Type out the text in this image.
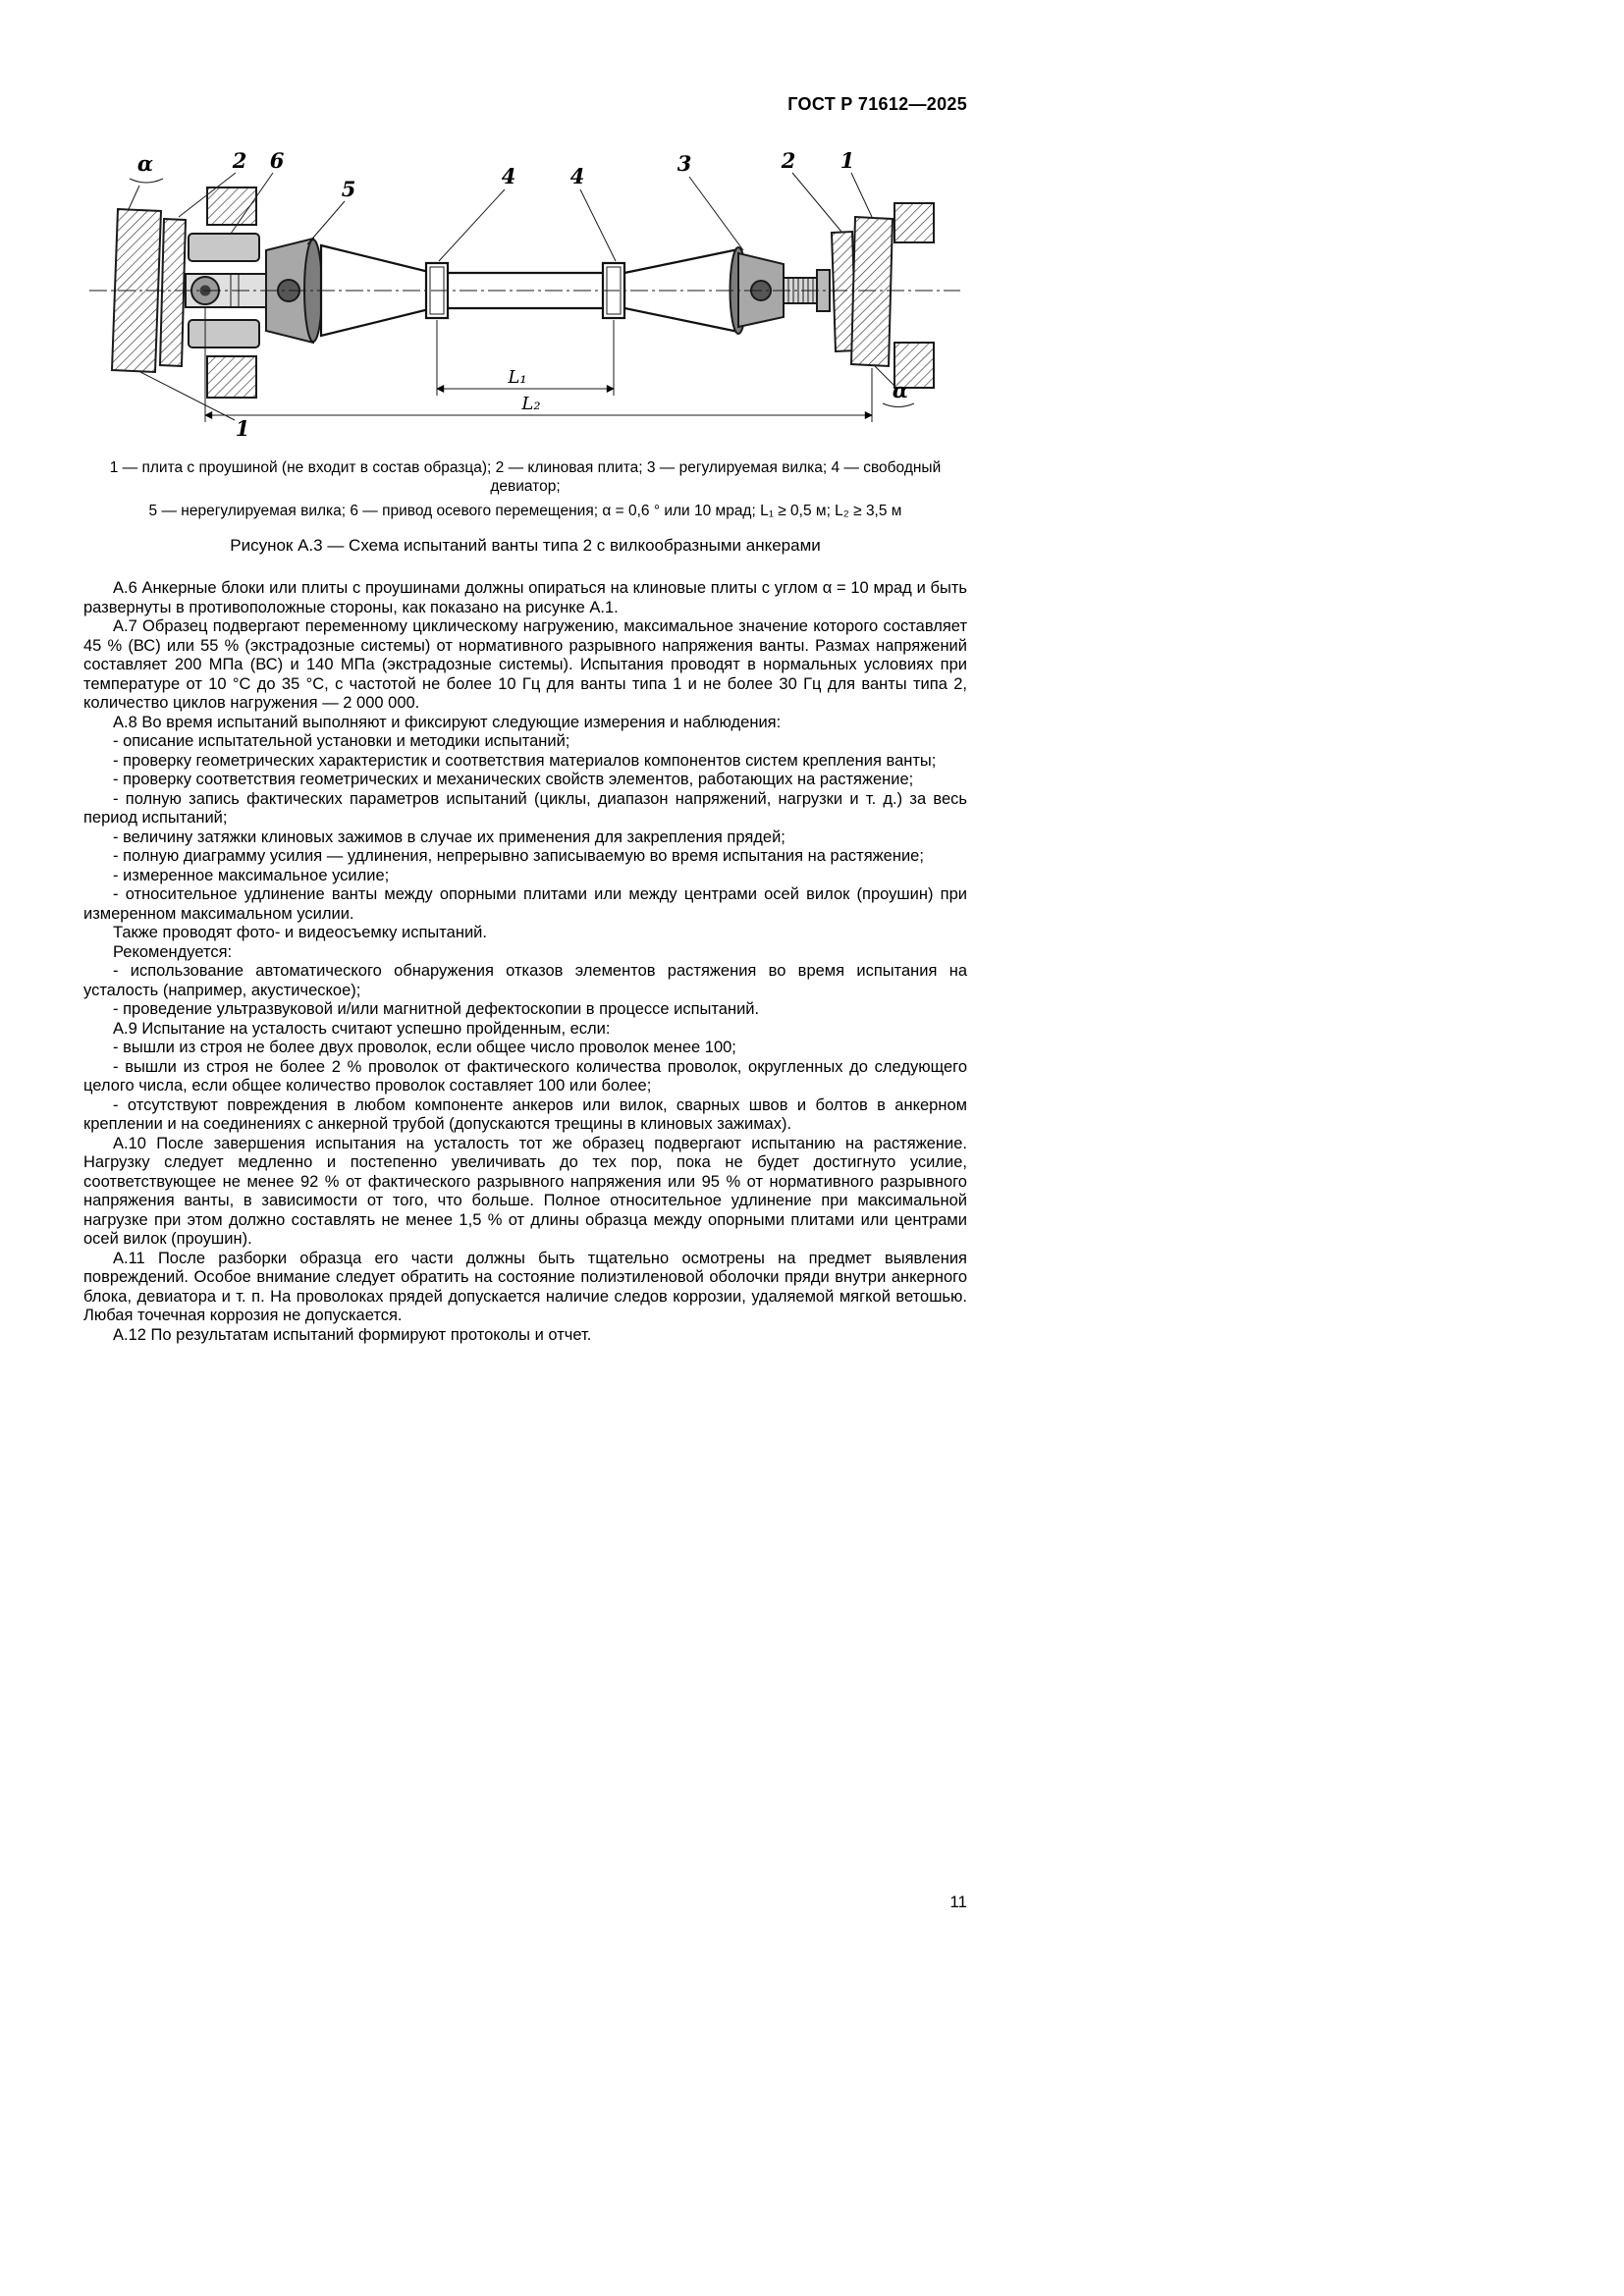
ГОСТ Р 71612—2025
L₁
L₂
α	2 6
5
4	4
3	2 1
1
α
1 — плита с проушиной (не входит в состав образца); 2 — клиновая плита; 3 — регулируемая вилка; 4 — свободный девиатор;
5 — нерегулируемая вилка; 6 — привод осевого перемещения; α = 0,6 ° или 10 мрад; L₁ ≥ 0,5 м; L₂ ≥ 3,5 м
Рисунок А.3 — Схема испытаний ванты типа 2 с вилкообразными анкерами

А.6 Анкерные блоки или плиты с проушинами должны опираться на клиновые плиты с углом α = 10 мрад и быть развернуты в противоположные стороны, как показано на рисунке А.1.

А.7 Образец подвергают переменному циклическому нагружению, максимальное значение которого составляет 45 % (ВС) или 55 % (экстрадозные системы) от нормативного разрывного напряжения ванты. Размах напряжений составляет 200 МПа (ВС) и 140 МПа (экстрадозные системы). Испытания проводят в нормальных условиях при температуре от 10 °С до 35 °С, с частотой не более 10 Гц для ванты типа 1 и не более 30 Гц для ванты типа 2, количество циклов нагружения — 2 000 000.

А.8 Во время испытаний выполняют и фиксируют следующие измерения и наблюдения:

- описание испытательной установки и методики испытаний;

- проверку геометрических характеристик и соответствия материалов компонентов систем крепления ванты;

- проверку соответствия геометрических и механических свойств элементов, работающих на растяжение;

- полную запись фактических параметров испытаний (циклы, диапазон напряжений, нагрузки и т. д.) за весь период испытаний;

- величину затяжки клиновых зажимов в случае их применения для закрепления прядей;

- полную диаграмму усилия — удлинения, непрерывно записываемую во время испытания на растяжение;

- измеренное максимальное усилие;

- относительное удлинение ванты между опорными плитами или между центрами осей вилок (проушин) при измеренном максимальном усилии.

Также проводят фото- и видеосъемку испытаний.

Рекомендуется:

- использование автоматического обнаружения отказов элементов растяжения во время испытания на усталость (например, акустическое);

- проведение ультразвуковой и/или магнитной дефектоскопии в процессе испытаний.

А.9 Испытание на усталость считают успешно пройденным, если:

- вышли из строя не более двух проволок, если общее число проволок менее 100;

- вышли из строя не более 2 % проволок от фактического количества проволок, округленных до следующего целого числа, если общее количество проволок составляет 100 или более;

- отсутствуют повреждения в любом компоненте анкеров или вилок, сварных швов и болтов в анкерном креплении и на соединениях с анкерной трубой (допускаются трещины в клиновых зажимах).

А.10 После завершения испытания на усталость тот же образец подвергают испытанию на растяжение. Нагрузку следует медленно и постепенно увеличивать до тех пор, пока не будет достигнуто усилие, соответствующее не менее 92 % от фактического разрывного напряжения или 95 % от нормативного разрывного напряжения ванты, в зависимости от того, что больше. Полное относительное удлинение при максимальной нагрузке при этом должно составлять не менее 1,5 % от длины образца между опорными плитами или центрами осей вилок (проушин).

А.11 После разборки образца его части должны быть тщательно осмотрены на предмет выявления повреждений. Особое внимание следует обратить на состояние полиэтиленовой оболочки пряди внутри анкерного блока, девиатора и т. п. На проволоках прядей допускается наличие следов коррозии, удаляемой мягкой ветошью. Любая точечная коррозия не допускается.

А.12 По результатам испытаний формируют протоколы и отчет.

11
